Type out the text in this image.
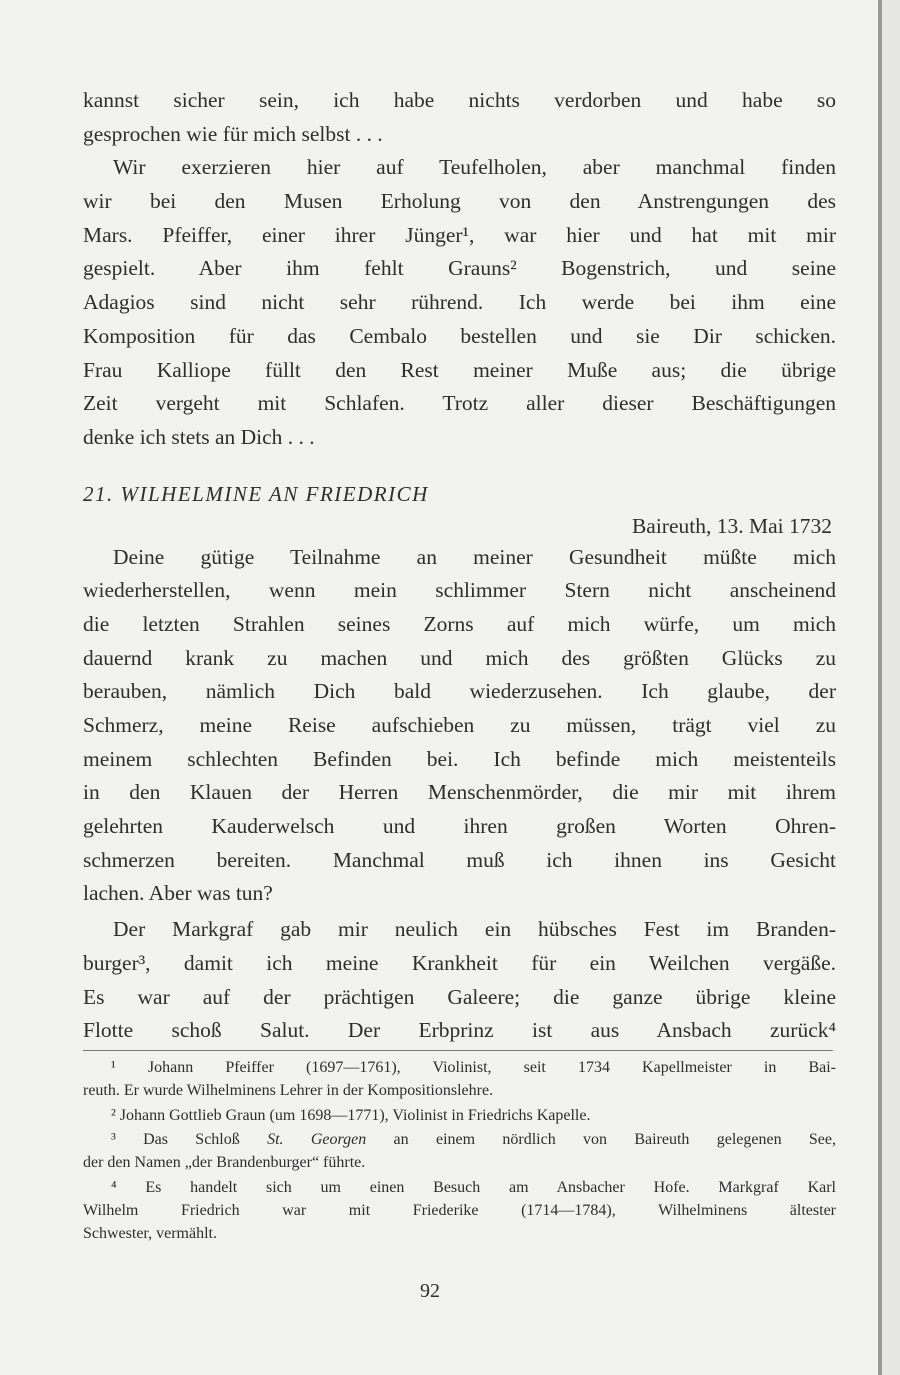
kannst sicher sein, ich habe nichts verdorben und habe so
gesprochen wie für mich selbst . . .
Wir exerzieren hier auf Teufelholen, aber manchmal finden
wir bei den Musen Erholung von den Anstrengungen des
Mars. Pfeiffer, einer ihrer Jünger¹, war hier und hat mit mir
gespielt. Aber ihm fehlt Grauns² Bogenstrich, und seine
Adagios sind nicht sehr rührend. Ich werde bei ihm eine
Komposition für das Cembalo bestellen und sie Dir schicken.
Frau Kalliope füllt den Rest meiner Muße aus; die übrige
Zeit vergeht mit Schlafen. Trotz aller dieser Beschäftigungen
denke ich stets an Dich . . .
21. WILHELMINE AN FRIEDRICH
Baireuth, 13. Mai 1732
Deine gütige Teilnahme an meiner Gesundheit müßte mich
wiederherstellen, wenn mein schlimmer Stern nicht anscheinend
die letzten Strahlen seines Zorns auf mich würfe, um mich
dauernd krank zu machen und mich des größten Glücks zu
berauben, nämlich Dich bald wiederzusehen. Ich glaube, der
Schmerz, meine Reise aufschieben zu müssen, trägt viel zu
meinem schlechten Befinden bei. Ich befinde mich meistenteils
in den Klauen der Herren Menschenmörder, die mir mit ihrem
gelehrten Kauderwelsch und ihren großen Worten Ohren-
schmerzen bereiten. Manchmal muß ich ihnen ins Gesicht
lachen. Aber was tun?
Der Markgraf gab mir neulich ein hübsches Fest im Branden-
burger³, damit ich meine Krankheit für ein Weilchen vergäße.
Es war auf der prächtigen Galeere; die ganze übrige kleine
Flotte schoß Salut. Der Erbprinz ist aus Ansbach zurück⁴
¹ Johann Pfeiffer (1697—1761), Violinist, seit 1734 Kapellmeister in Bai-
reuth. Er wurde Wilhelminens Lehrer in der Kompositionslehre.
² Johann Gottlieb Graun (um 1698—1771), Violinist in Friedrichs Kapelle.
³ Das Schloß St. Georgen an einem nördlich von Baireuth gelegenen See,
der den Namen „der Brandenburger“ führte.
⁴ Es handelt sich um einen Besuch am Ansbacher Hofe. Markgraf Karl
Wilhelm Friedrich war mit Friederike (1714—1784), Wilhelminens ältester
Schwester, vermählt.
92
